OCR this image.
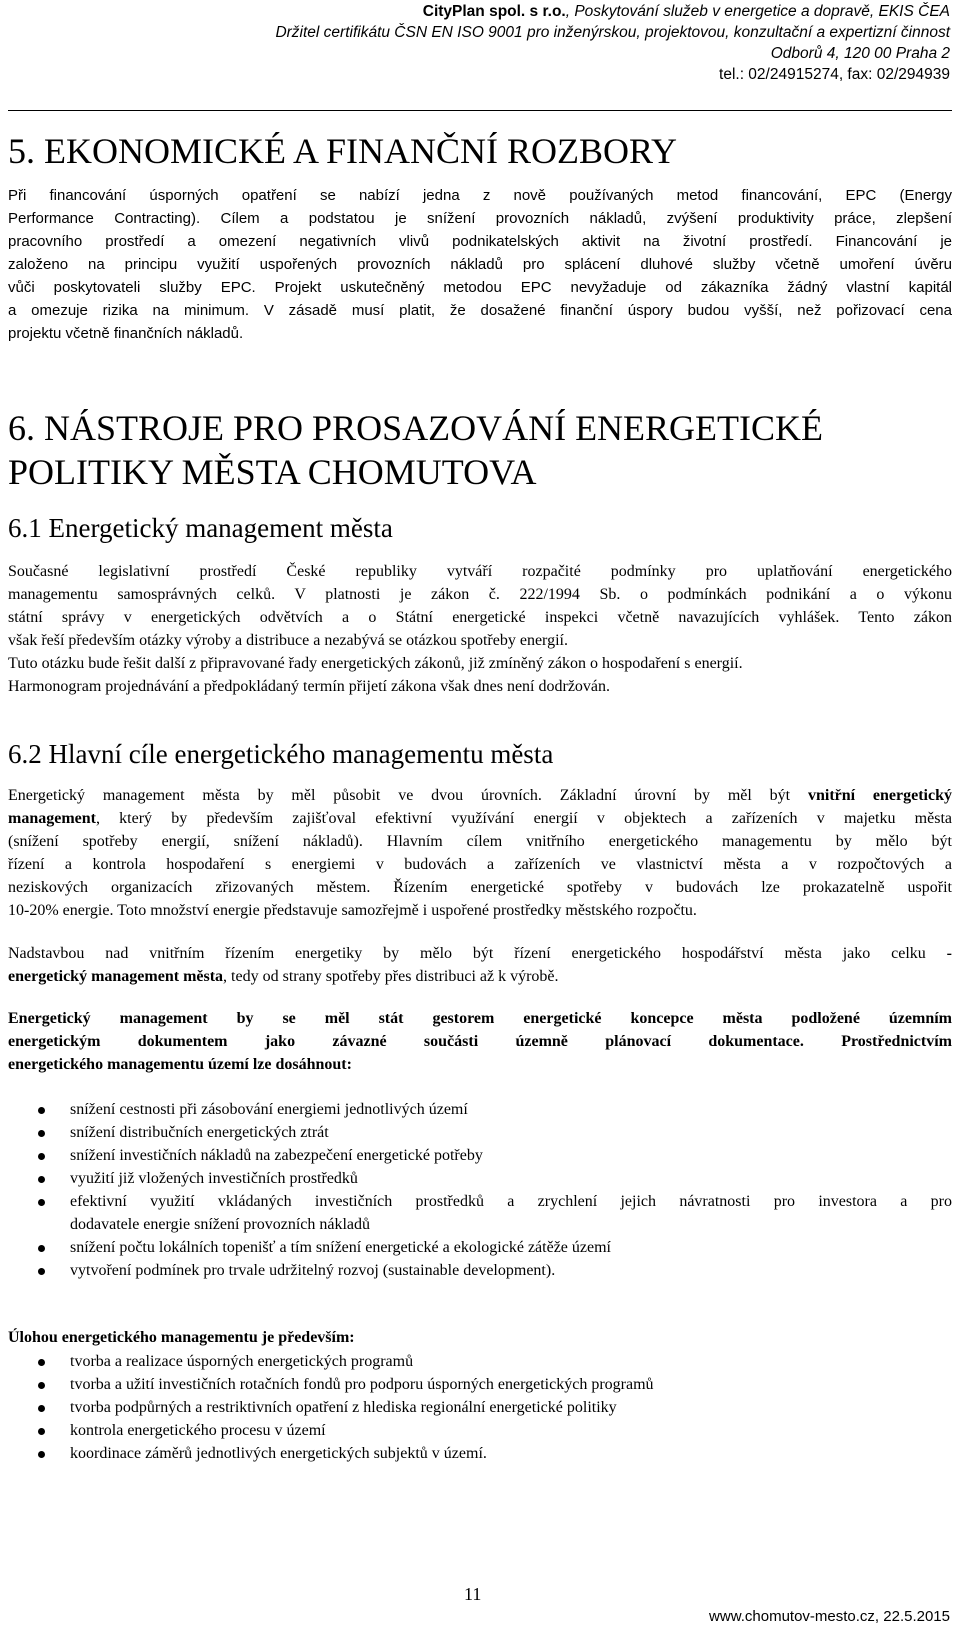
CityPlan spol. s r.o., Poskytování služeb v energetice a dopravě, EKIS ČEA
Držitel certifikátu ČSN EN ISO 9001 pro inženýrskou, projektovou, konzultační a expertizní činnost
Odborů 4, 120 00 Praha 2
tel.: 02/24915274, fax: 02/294939
5. EKONOMICKÉ A FINANČNÍ ROZBORY
Při financování úsporných opatření se nabízí jedna z nově používaných metod financování, EPC (Energy
Performance Contracting). Cílem a podstatou je snížení provozních nákladů, zvýšení produktivity práce, zlepšení
pracovního prostředí a omezení negativních vlivů podnikatelských aktivit na životní prostředí. Financování je
založeno na principu využití uspořených provozních nákladů pro splácení dluhové služby včetně umoření úvěru
vůči poskytovateli služby EPC. Projekt uskutečněný metodou EPC nevyžaduje od zákazníka žádný vlastní kapitál
a omezuje rizika na minimum. V zásadě musí platit, že dosažené finanční úspory budou vyšší, než pořizovací cena
projektu včetně finančních nákladů.
6. NÁSTROJE PRO PROSAZOVÁNÍ ENERGETICKÉ
POLITIKY MĚSTA CHOMUTOVA
6.1 Energetický management města
Současné legislativní prostředí České republiky vytváří rozpačité podmínky pro uplatňování energetického
managementu samosprávných celků. V platnosti je zákon č. 222/1994 Sb. o podmínkách podnikání a o výkonu
státní správy v energetických odvětvích a o Státní energetické inspekci včetně navazujících vyhlášek. Tento zákon
však řeší především otázky výroby a distribuce a nezabývá se otázkou spotřeby energií.
Tuto otázku bude řešit další z připravované řady energetických zákonů, již zmíněný zákon o hospodaření s energií.
Harmonogram projednávání a předpokládaný termín přijetí zákona však dnes není dodržován.
6.2 Hlavní cíle energetického managementu města
Energetický management města by měl působit ve dvou úrovních. Základní úrovní by měl být vnitřní energetický
management, který by především zajišťoval efektivní využívání energií v objektech a zařízeních v majetku města
(snížení spotřeby energií, snížení nákladů). Hlavním cílem vnitřního energetického managementu by mělo být
řízení a kontrola hospodaření s energiemi v budovách a zařízeních ve vlastnictví města a v rozpočtových a
neziskových organizacích zřizovaných městem. Řízením energetické spotřeby v budovách lze prokazatelně uspořit
10-20% energie. Toto množství energie představuje samozřejmě i uspořené prostředky městského rozpočtu.
Nadstavbou nad vnitřním řízením energetiky by mělo být řízení energetického hospodářství města jako celku -
energetický management města, tedy od strany spotřeby přes distribuci až k výrobě.
Energetický management by se měl stát gestorem energetické koncepce města podložené územním
energetickým dokumentem jako závazné součásti územně plánovací dokumentace. Prostřednictvím
energetického managementu území lze dosáhnout:
snížení cestnosti při zásobování energiemi jednotlivých území
snížení distribučních energetických ztrát
snížení investičních nákladů na zabezpečení energetické potřeby
využití již vložených investičních prostředků
efektivní využití vkládaných investičních prostředků a zrychlení jejich návratnosti pro investora a pro
dodavatele energie snížení provozních nákladů
snížení počtu lokálních topenišť a tím snížení energetické a ekologické zátěže území
vytvoření podmínek pro trvale udržitelný rozvoj (sustainable development).
Úlohou energetického managementu je především:
tvorba a realizace úsporných energetických programů
tvorba a užití investičních rotačních fondů pro podporu úsporných energetických programů
tvorba podpůrných a restriktivních opatření z hlediska regionální energetické politiky
kontrola energetického procesu v území
koordinace záměrů jednotlivých energetických subjektů v území.
11
www.chomutov-mesto.cz, 22.5.2015
